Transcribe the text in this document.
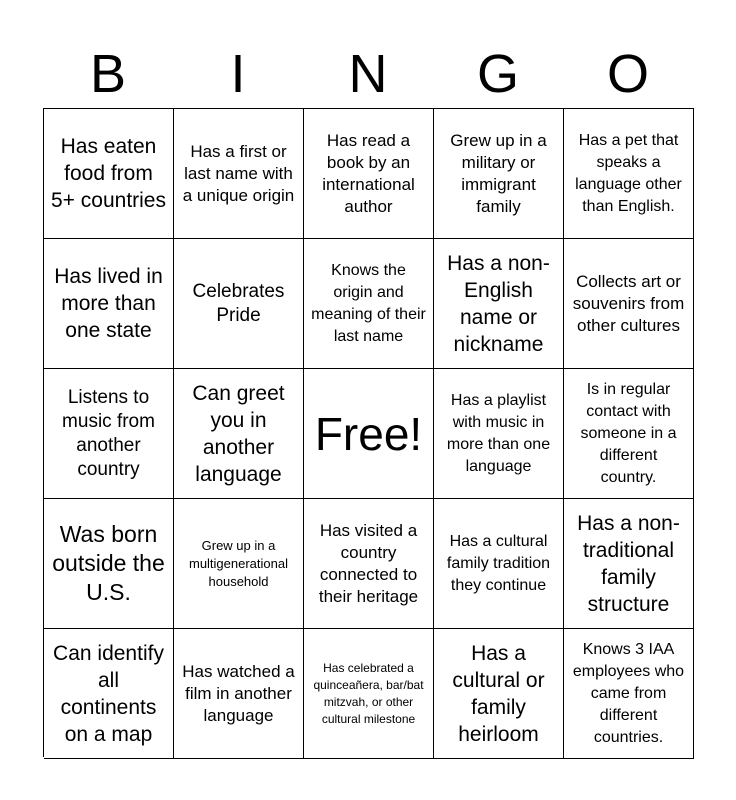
B	I	N	G	O
Has eaten food from 5+ countries
Has a first or last name with a unique origin
Has read a book by an international author
Grew up in a military or immigrant family
Has a pet that speaks a language other than English.
Has lived in more than one state
Celebrates Pride
Knows the origin and meaning of their last name
Has a non-English name or nickname
Collects art or souvenirs from other cultures
Listens to music from another country
Can greet you in another language
Free!
Has a playlist with music in more than one language
Is in regular contact with someone in a different country.
Was born outside the U.S.
Grew up in a multigenerational household
Has visited a country connected to their heritage
Has a cultural family tradition they continue
Has a non-traditional family structure
Can identify all continents on a map
Has watched a film in another language
Has celebrated a quinceañera, bar/bat mitzvah, or other cultural milestone
Has a cultural or family heirloom
Knows 3 IAA employees who came from different countries.
